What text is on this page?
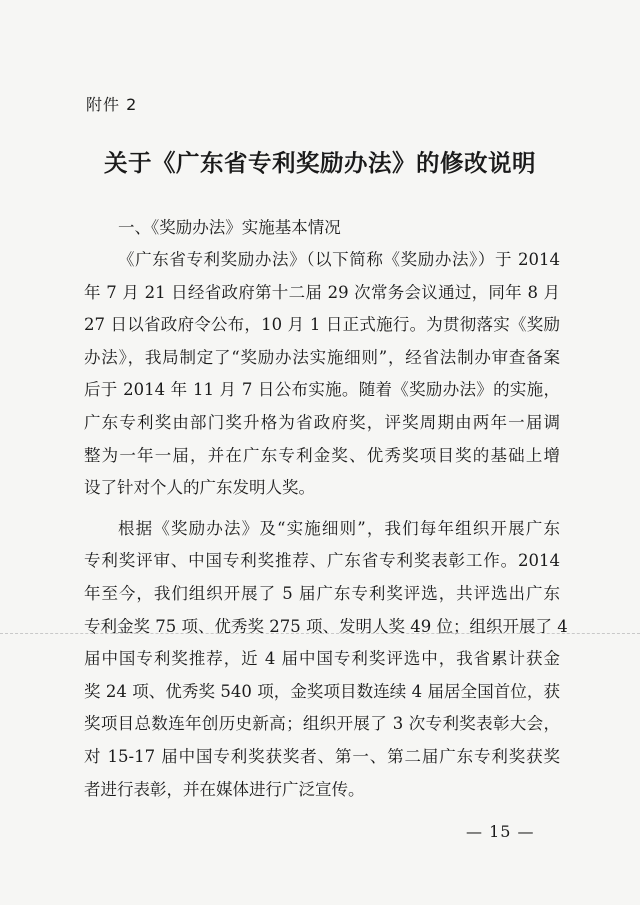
附件 2
关于《广东省专利奖励办法》的修改说明
一、《奖励办法》实施基本情况
《广东省专利奖励办法》（以下简称《奖励办法》）于 2014
年 7 月 21 日经省政府第十二届 29 次常务会议通过，同年 8 月
27 日以省政府令公布，10 月 1 日正式施行。为贯彻落实《奖励
办法》，我局制定了“奖励办法实施细则”，经省法制办审查备案
后于 2014 年 11 月 7 日公布实施。随着《奖励办法》的实施，
广东专利奖由部门奖升格为省政府奖，评奖周期由两年一届调
整为一年一届，并在广东专利金奖、优秀奖项目奖的基础上增
设了针对个人的广东发明人奖。
根据《奖励办法》及“实施细则”，我们每年组织开展广东
专利奖评审、中国专利奖推荐、广东省专利奖表彰工作。2014
年至今，我们组织开展了 5 届广东专利奖评选，共评选出广东
专利金奖 75 项、优秀奖 275 项、发明人奖 49 位；组织开展了 4
届中国专利奖推荐，近 4 届中国专利奖评选中，我省累计获金
奖 24 项、优秀奖 540 项，金奖项目数连续 4 届居全国首位，获
奖项目总数连年创历史新高；组织开展了 3 次专利奖表彰大会，
对 15-17 届中国专利奖获奖者、第一、第二届广东专利奖获奖
者进行表彰，并在媒体进行广泛宣传。
— 15 —
